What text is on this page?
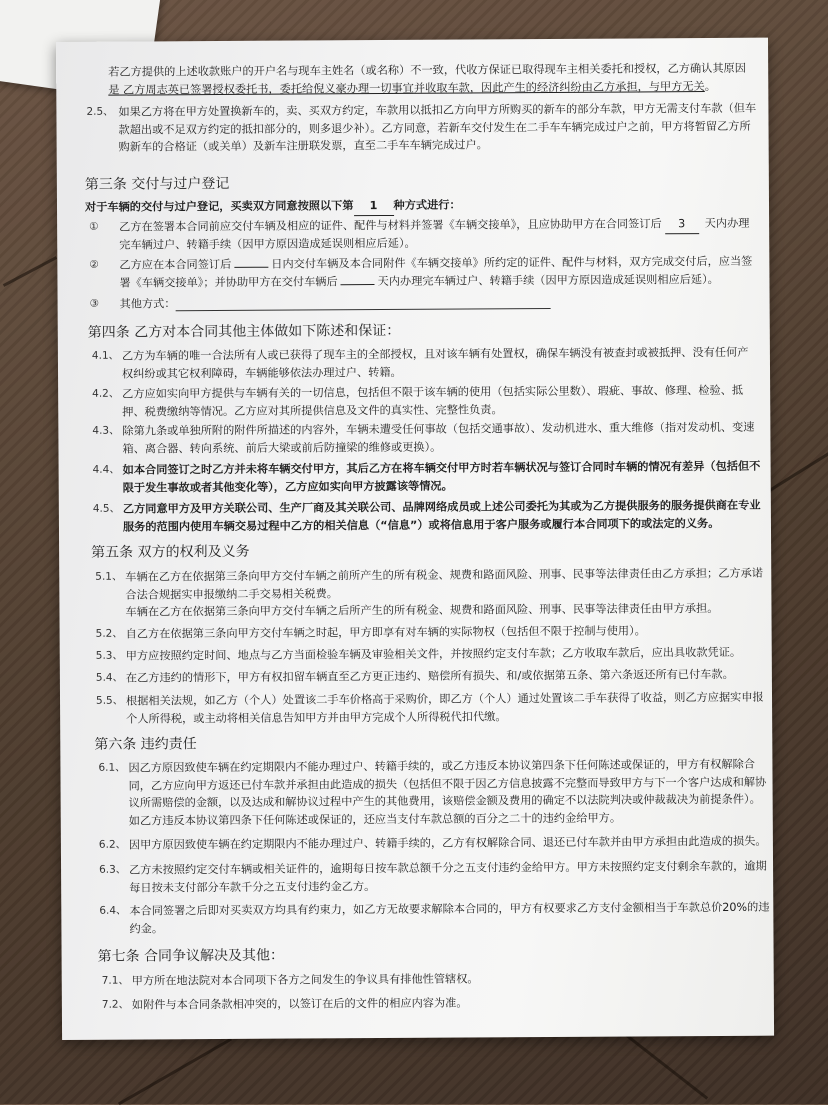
若乙方提供的上述收款账户的开户名与现车主姓名（或名称）不一致，代收方保证已取得现车主相关委托和授权，乙方确认其原因
是 乙方周志英已签署授权委托书，委托给倪义豪办理一切事宜并收取车款，因此产生的经济纠纷由乙方承担，与甲方无关。
2.5、 如果乙方将在甲方处置换新车的，卖、买双方约定，车款用以抵扣乙方向甲方所购买的新车的部分车款，甲方无需支付车款（但车
款超出或不足双方约定的抵扣部分的，则多退少补）。乙方同意，若新车交付发生在二手车车辆完成过户之前，甲方将暂留乙方所
购新车的合格证（或关单）及新车注册联发票，直至二手车车辆完成过户。
第三条 交付与过户登记
对于车辆的交付与过户登记，买卖双方同意按照以下第 1 种方式进行：
① 乙方在签署本合同前应交付车辆及相应的证件、配件与材料并签署《车辆交接单》，且应协助甲方在合同签订后 3 天内办理
完车辆过户、转籍手续（因甲方原因造成延误则相应后延）。
② 乙方应在本合同签订后	日内交付车辆及本合同附件《车辆交接单》所约定的证件、配件与材料，双方完成交付后，应当签
署《车辆交接单》；并协助甲方在交付车辆后	天内办理完车辆过户、转籍手续（因甲方原因造成延误则相应后延）。
③ 其他方式：
第四条 乙方对本合同其他主体做如下陈述和保证：
4.1、 乙方为车辆的唯一合法所有人或已获得了现车主的全部授权，且对该车辆有处置权，确保车辆没有被查封或被抵押、没有任何产
权纠纷或其它权利障碍，车辆能够依法办理过户、转籍。
4.2、 乙方应如实向甲方提供与车辆有关的一切信息，包括但不限于该车辆的使用（包括实际公里数）、瑕疵、事故、修理、检验、抵
押、税费缴纳等情况。乙方应对其所提供信息及文件的真实性、完整性负责。
4.3、 除第九条或单独所附的附件所描述的内容外，车辆未遭受任何事故（包括交通事故）、发动机进水、重大维修（指对发动机、变速
箱、离合器、转向系统、前后大梁或前后防撞梁的维修或更换）。
4.4、 如本合同签订之时乙方并未将车辆交付甲方，其后乙方在将车辆交付甲方时若车辆状况与签订合同时车辆的情况有差异（包括但不
限于发生事故或者其他变化等），乙方应如实向甲方披露该等情况。
4.5、 乙方同意甲方及甲方关联公司、生产厂商及其关联公司、品牌网络成员或上述公司委托为其或为乙方提供服务的服务提供商在专业
服务的范围内使用车辆交易过程中乙方的相关信息（“信息”）或将信息用于客户服务或履行本合同项下的或法定的义务。
第五条 双方的权利及义务
5.1、 车辆在乙方在依据第三条向甲方交付车辆之前所产生的所有税金、规费和路面风险、刑事、民事等法律责任由乙方承担；乙方承诺
合法合规据实申报缴纳二手交易相关税费。
车辆在乙方在依据第三条向甲方交付车辆之后所产生的所有税金、规费和路面风险、刑事、民事等法律责任由甲方承担。
5.2、 自乙方在依据第三条向甲方交付车辆之时起，甲方即享有对车辆的实际物权（包括但不限于控制与使用）。
5.3、 甲方应按照约定时间、地点与乙方当面检验车辆及审验相关文件，并按照约定支付车款；乙方收取车款后，应出具收款凭证。
5.4、 在乙方违约的情形下，甲方有权扣留车辆直至乙方更正违约、赔偿所有损失、和/或依据第五条、第六条返还所有已付车款。
5.5、 根据相关法规，如乙方（个人）处置该二手车价格高于采购价，即乙方（个人）通过处置该二手车获得了收益，则乙方应据实申报
个人所得税，或主动将相关信息告知甲方并由甲方完成个人所得税代扣代缴。
第六条 违约责任
6.1、 因乙方原因致使车辆在约定期限内不能办理过户、转籍手续的，或乙方违反本协议第四条下任何陈述或保证的，甲方有权解除合
同，乙方应向甲方返还已付车款并承担由此造成的损失（包括但不限于因乙方信息披露不完整而导致甲方与下一个客户达成和解协
议所需赔偿的金额，以及达成和解协议过程中产生的其他费用，该赔偿金额及费用的确定不以法院判决或仲裁裁决为前提条件）。
如乙方违反本协议第四条下任何陈述或保证的，还应当支付车款总额的百分之二十的违约金给甲方。
6.2、 因甲方原因致使车辆在约定期限内不能办理过户、转籍手续的，乙方有权解除合同、退还已付车款并由甲方承担由此造成的损失。
6.3、 乙方未按照约定交付车辆或相关证件的，逾期每日按车款总额千分之五支付违约金给甲方。甲方未按照约定支付剩余车款的，逾期
每日按未支付部分车款千分之五支付违约金乙方。
6.4、 本合同签署之后即对买卖双方均具有约束力，如乙方无故要求解除本合同的，甲方有权要求乙方支付金额相当于车款总价20%的违
约金。
第七条 合同争议解决及其他：
7.1、 甲方所在地法院对本合同项下各方之间发生的争议具有排他性管辖权。
7.2、 如附件与本合同条款相冲突的，以签订在后的文件的相应内容为准。
